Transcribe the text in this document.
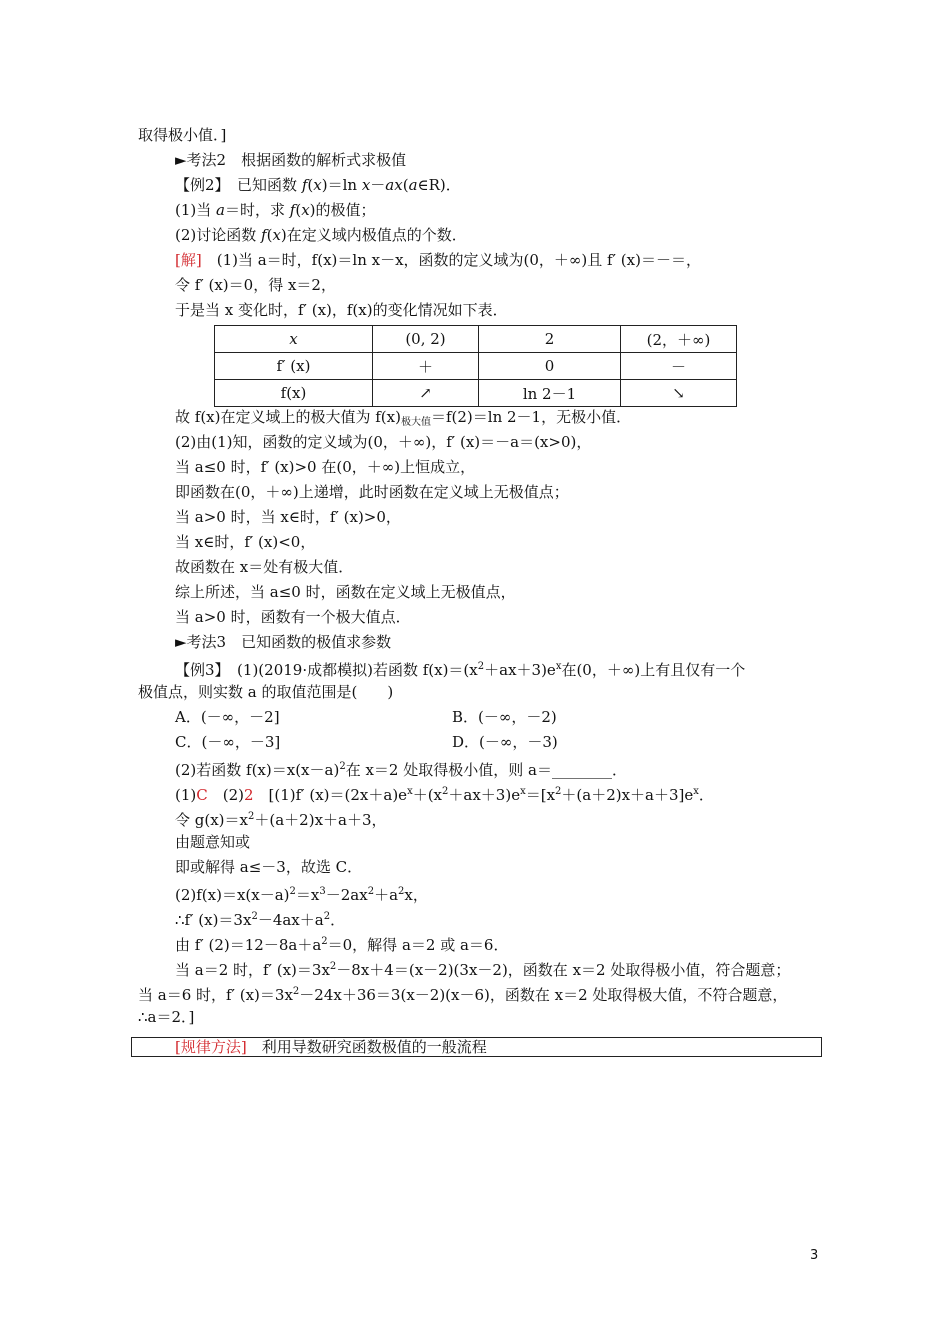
取得极小值．]
►考法2　根据函数的解析式求极值
【例2】　已知函数 f(x)＝ln x－ax(a∈R)．
(1)当 a＝时，求 f(x)的极值；
(2)讨论函数 f(x)在定义域内极值点的个数．
[解]　(1)当 a＝时，f(x)＝ln x－x，函数的定义域为(0，＋∞)且 f′ (x)＝－＝，
令 f′ (x)＝0，得 x＝2，
于是当 x 变化时，f′ (x)，f(x)的变化情况如下表．
x	(0, 2)	2	(2，＋∞)
f′ (x)	＋	0	－
f(x)	↗	ln 2－1	↘
故 f(x)在定义域上的极大值为 $f(x)_{极大值}=f(2)=\ln$ 2－1，无极小值．
(2)由(1)知，函数的定义域为(0，＋∞)，f′ (x)＝－a＝(x>0)，
当 a≤0 时，f′ (x)>0 在(0，＋∞)上恒成立，
即函数在(0，＋∞)上递增，此时函数在定义域上无极值点；
当 a>0 时，当 x∈时，f′ (x)>0，
当 x∈时，f′ (x)<0，
故函数在 x＝处有极大值．
综上所述，当 a≤0 时，函数在定义域上无极值点，
当 a>0 时，函数有一个极大值点．
►考法3　已知函数的极值求参数
【例3】　(1)(2019·成都模拟)若函数 $f(x)=(x^2+ax+3)e^x$在(0，＋∞)上有且仅有一个
极值点，则实数 a 的取值范围是(　　)
A．(－∞，－2]	B．(－∞，－2)
C．(－∞，－3]	D．(－∞，－3)
(2)若函数 $f(x)=x(x-a)^2$在 x＝2 处取得极小值，则 a＝________．
(1)C　(2)2　[(1)f′ $(x)=(2x+a)e^x+(x^2+ax+3)e^x=[x^2+(a+2)x+a+3]e^x$．
令 $g(x)=x^2+(a+2)x+a+3$，
由题意知或
即或解得 a≤－3，故选 C．
$(2)f(x)=x(x-a)^2=x^3-2ax^2+a^2x$，
∴f′ $(x)=3x^2-4ax+a^2$．
由 f′ $(2)=12-8a+a^2=0$，解得 a＝2 或 a＝6．
当 a＝2 时，f′ $(x)=3x^2-8x+4=(x-2)(3x-2)$，函数在 x＝2 处取得极小值，符合题意；
当 a＝6 时，f′ $(x)=3x^2-24x+36=3(x-2)(x-6)$，函数在 x＝2 处取得极大值，不符合题意，
∴a＝2．]
[规律方法]　利用导数研究函数极值的一般流程
3
